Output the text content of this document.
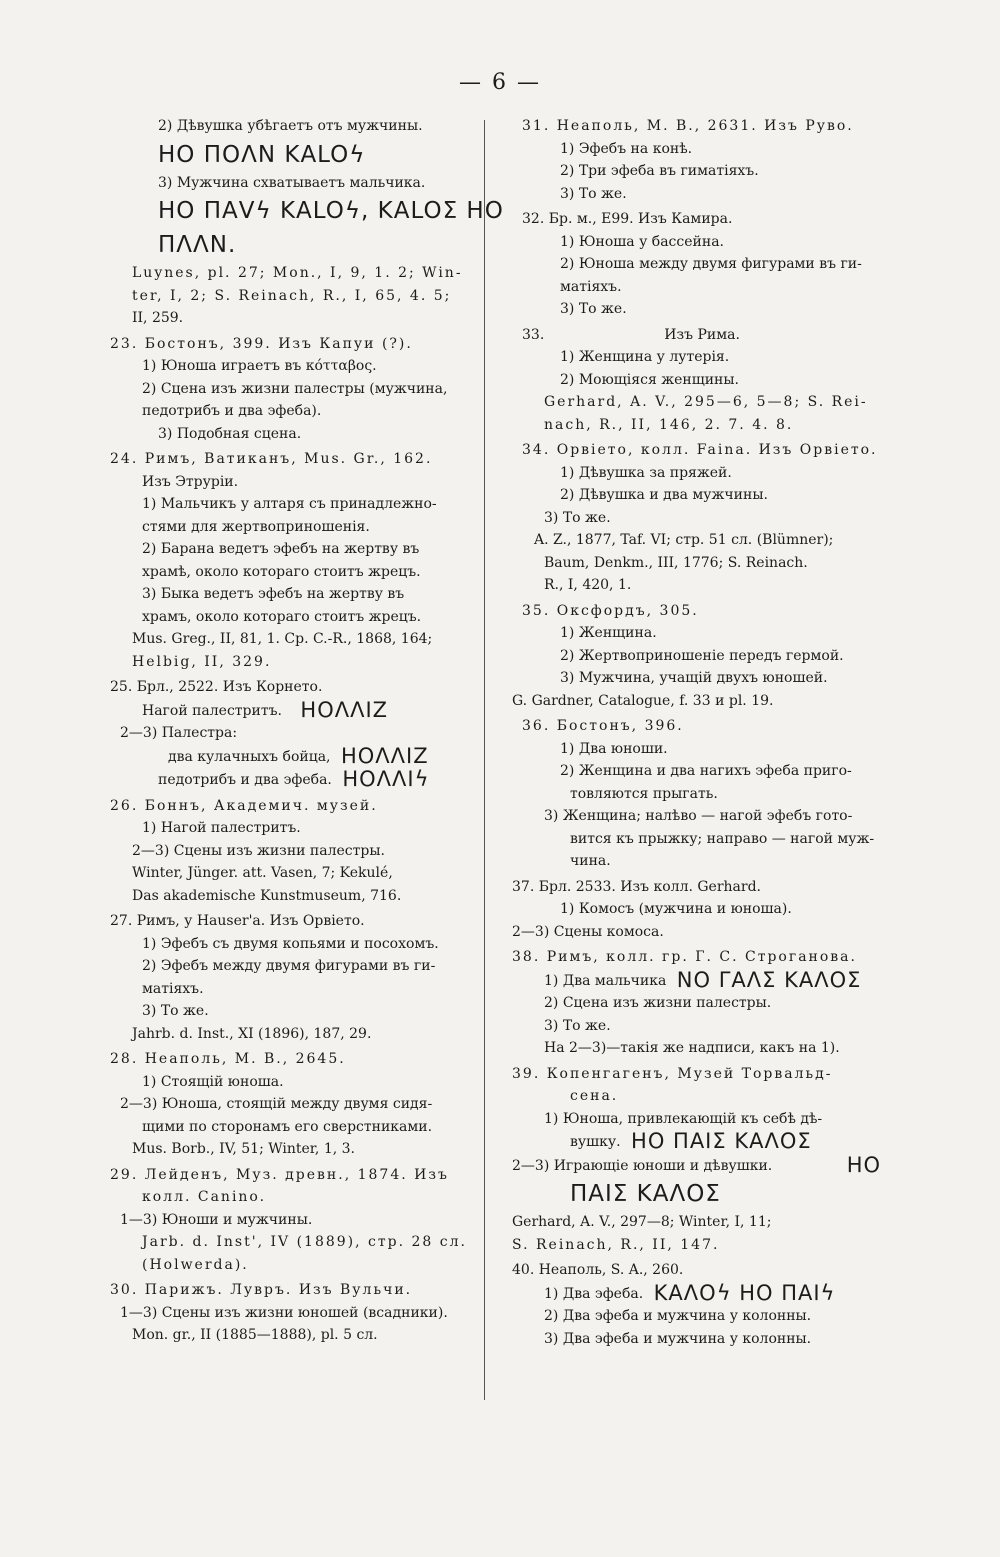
— 6 —
2) Дѣвушка убѣгаетъ отъ мужчины.
НО ΠΟΛΝ ΚΑLOϟ
3) Мужчина схватываетъ мальчика.
НО ΠΑVϟ ΚΑLOϟ, ΚΑLOΣ НО
ΠΛΛΝ.
Luynes, pl. 27; Mon., I, 9, 1. 2; Win-
ter, I, 2; S. Reinach, R., I, 65, 4. 5;
II, 259.
23. Бостонъ, 399. Изъ Капуи (?).
1) Юноша играетъ въ κότταβος.
2) Сцена изъ жизни палестры (мужчина,
педотрибъ и два эфеба).
3) Подобная сцена.
24. Римъ, Ватиканъ, Mus. Gr., 162.
Изъ Этруріи.
1) Мальчикъ у алтаря съ принадлежно-
стями для жертвоприношенія.
2) Барана ведетъ эфебъ на жертву въ
храмѣ, около котораго стоитъ жрецъ.
3) Быка ведетъ эфебъ на жертву въ
храмъ, около котораго стоитъ жрецъ.
Mus. Greg., II, 81, 1. Cp. C.-R., 1868, 164;
Helbig, II, 329.
25. Брл., 2522. Изъ Корнето.
Нагой палестритъ. ΗΟΛΛΙΖ
2—3) Палестра:
два кулачныхъ бойца, ΗΟΛΛΙΖ
педотрибъ и два эфеба. ΗΟΛΛΙϟ
26. Боннъ, Академич. музей.
1) Нагой палестритъ.
2—3) Сцены изъ жизни палестры.
Winter, Jünger. att. Vasen, 7; Kekulé,
Das akademische Kunstmuseum, 716.
27. Римъ, у Hauser'a. Изъ Орвіето.
1) Эфебъ съ двумя копьями и посохомъ.
2) Эфебъ между двумя фигурами въ ги-
матіяхъ.
3) То же.
Jahrb. d. Inst., XI (1896), 187, 29.
28. Неаполь, М. В., 2645.
1) Стоящій юноша.
2—3) Юноша, стоящій между двумя сидя-
щими по сторонамъ его сверстниками.
Mus. Borb., IV, 51; Winter, 1, 3.
29. Лейденъ, Муз. древн., 1874. Изъ
колл. Canino.
1—3) Юноши и мужчины.
Jarb. d. Inst', IV (1889), стр. 28 сл.
(Holwerda).
30. Парижъ. Лувръ. Изъ Вульчи.
1—3) Сцены изъ жизни юношей (всадники).
Mon. gr., II (1885—1888), pl. 5 сл.
31. Неаполь, М. В., 2631. Изъ Руво.
1) Эфебъ на конѣ.
2) Три эфеба въ гиматіяхъ.
3) То же.
32. Бр. м., E99. Изъ Камира.
1) Юноша у бассейна.
2) Юноша между двумя фигурами въ ги-
матіяхъ.
3) То же.
33.	Изъ Рима.
1) Женщина у лутерія.
2) Моющіяся женщины.
Gerhard, A. V., 295—6, 5—8; S. Rei-
nach, R., II, 146, 2. 7. 4. 8.
34. Орвіето, колл. Faina. Изъ Орвіето.
1) Дѣвушка за пряжей.
2) Дѣвушка и два мужчины.
3) То же.
A. Z., 1877, Taf. VI; стр. 51 сл. (Blümner);
Baum, Denkm., III, 1776; S. Reinach.
R., I, 420, 1.
35. Оксфордъ, 305.
1) Женщина.
2) Жертвоприношеніе передъ гермой.
3) Мужчина, учащій двухъ юношей.
G. Gardner, Catalogue, f. 33 и pl. 19.
36. Бостонъ, 396.
1) Два юноши.
2) Женщина и два нагихъ эфеба приго-
товляются прыгать.
3) Женщина; налѣво — нагой эфебъ гото-
вится къ прыжку; направо — нагой муж-
чина.
37. Брл. 2533. Изъ колл. Gerhard.
1) Комосъ (мужчина и юноша).
2—3) Сцены комоса.
38. Римъ, колл. гр. Г. С. Строганова.
1) Два мальчика ΝΟ ΓΑΛΣ ΚΑΛΟΣ
2) Сцена изъ жизни палестры.
3) То же.
На 2—3)—такія же надписи, какъ на 1).
39. Копенгагенъ, Музей Торвальд-
сена.
1) Юноша, привлекающій къ себѣ дѣ-
вушку. ΗΟ ΠΑΙΣ ΚΑΛΟΣ
2—3) Играющіе юноши и дѣвушки.	ΗΟ
ΠΑΙΣ ΚΑΛΟΣ
Gerhard, A. V., 297—8; Winter, I, 11;
S. Reinach, R., II, 147.
40. Неаполь, S. A., 260.
1) Два эфеба. ΚΑΛΟϟ ΗΟ ΠΑΙϟ
2) Два эфеба и мужчина у колонны.
3) Два эфеба и мужчина у колонны.
